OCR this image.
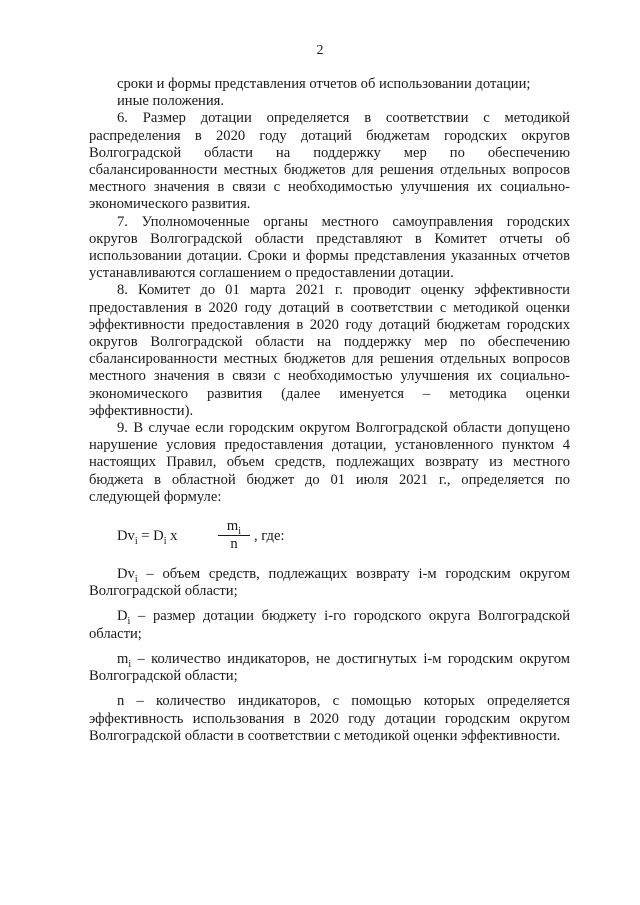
2

сроки и формы представления отчетов об использовании дотации;

иные положения.

6. Размер дотации определяется в соответствии с методикой распределения в 2020 году дотаций бюджетам городских округов Волгоградской области на поддержку мер по обеспечению сбалансированности местных бюджетов для решения отдельных вопросов местного значения в связи с необходимостью улучшения их социально-экономического развития.

7. Уполномоченные органы местного самоуправления городских округов Волгоградской области представляют в Комитет отчеты об использовании дотации. Сроки и формы представления указанных отчетов устанавливаются соглашением о предоставлении дотации.

8. Комитет до 01 марта 2021 г. проводит оценку эффективности предоставления в 2020 году дотаций в соответствии с методикой оценки эффективности предоставления в 2020 году дотаций бюджетам городских округов Волгоградской области на поддержку мер по обеспечению сбалансированности местных бюджетов для решения отдельных вопросов местного значения в связи с необходимостью улучшения их социально-экономического развития (далее именуется – методика оценки эффективности).

9. В случае если городским округом Волгоградской области допущено нарушение условия предоставления дотации, установленного пунктом 4 настоящих Правил, объем средств, подлежащих возврату из местного бюджета в областной бюджет до 01 июля 2021 г., определяется по следующей формуле:

$Dv_i = D_i$ x
$m_i$
n	, где:

$Dv_i$ – объем средств, подлежащих возврату i-м городским округом Волгоградской области;

$D_i$ – размер дотации бюджету i-го городского округа Волгоградской области;

$m_i$ – количество индикаторов, не достигнутых i-м городским округом Волгоградской области;

n – количество индикаторов, с помощью которых определяется эффективность использования в 2020 году дотации городским округом Волгоградской области в соответствии с методикой оценки эффективности.
